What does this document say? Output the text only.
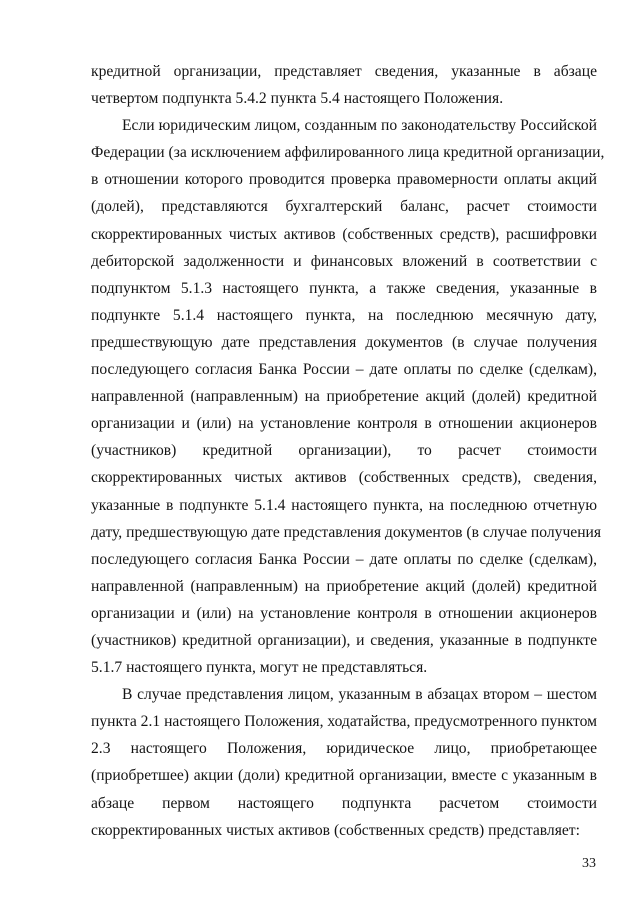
кредитной организации, представляет сведения, указанные в абзаце
четвертом подпункта 5.4.2 пункта 5.4 настоящего Положения.
Если юридическим лицом, созданным по законодательству Российской
Федерации (за исключением аффилированного лица кредитной организации,
в отношении которого проводится проверка правомерности оплаты акций
(долей), представляются бухгалтерский баланс, расчет стоимости
скорректированных чистых активов (собственных средств), расшифровки
дебиторской задолженности и финансовых вложений в соответствии с
подпунктом 5.1.3 настоящего пункта, а также сведения, указанные в
подпункте 5.1.4 настоящего пункта, на последнюю месячную дату,
предшествующую дате представления документов (в случае получения
последующего согласия Банка России – дате оплаты по сделке (сделкам),
направленной (направленным) на приобретение акций (долей) кредитной
организации и (или) на установление контроля в отношении акционеров
(участников) кредитной организации), то расчет стоимости
скорректированных чистых активов (собственных средств), сведения,
указанные в подпункте 5.1.4 настоящего пункта, на последнюю отчетную
дату, предшествующую дате представления документов (в случае получения
последующего согласия Банка России – дате оплаты по сделке (сделкам),
направленной (направленным) на приобретение акций (долей) кредитной
организации и (или) на установление контроля в отношении акционеров
(участников) кредитной организации), и сведения, указанные в подпункте
5.1.7 настоящего пункта, могут не представляться.
В случае представления лицом, указанным в абзацах втором – шестом
пункта 2.1 настоящего Положения, ходатайства, предусмотренного пунктом
2.3 настоящего Положения, юридическое лицо, приобретающее
(приобретшее) акции (доли) кредитной организации, вместе с указанным в
абзаце первом настоящего подпункта расчетом стоимости
скорректированных чистых активов (собственных средств) представляет:
33
